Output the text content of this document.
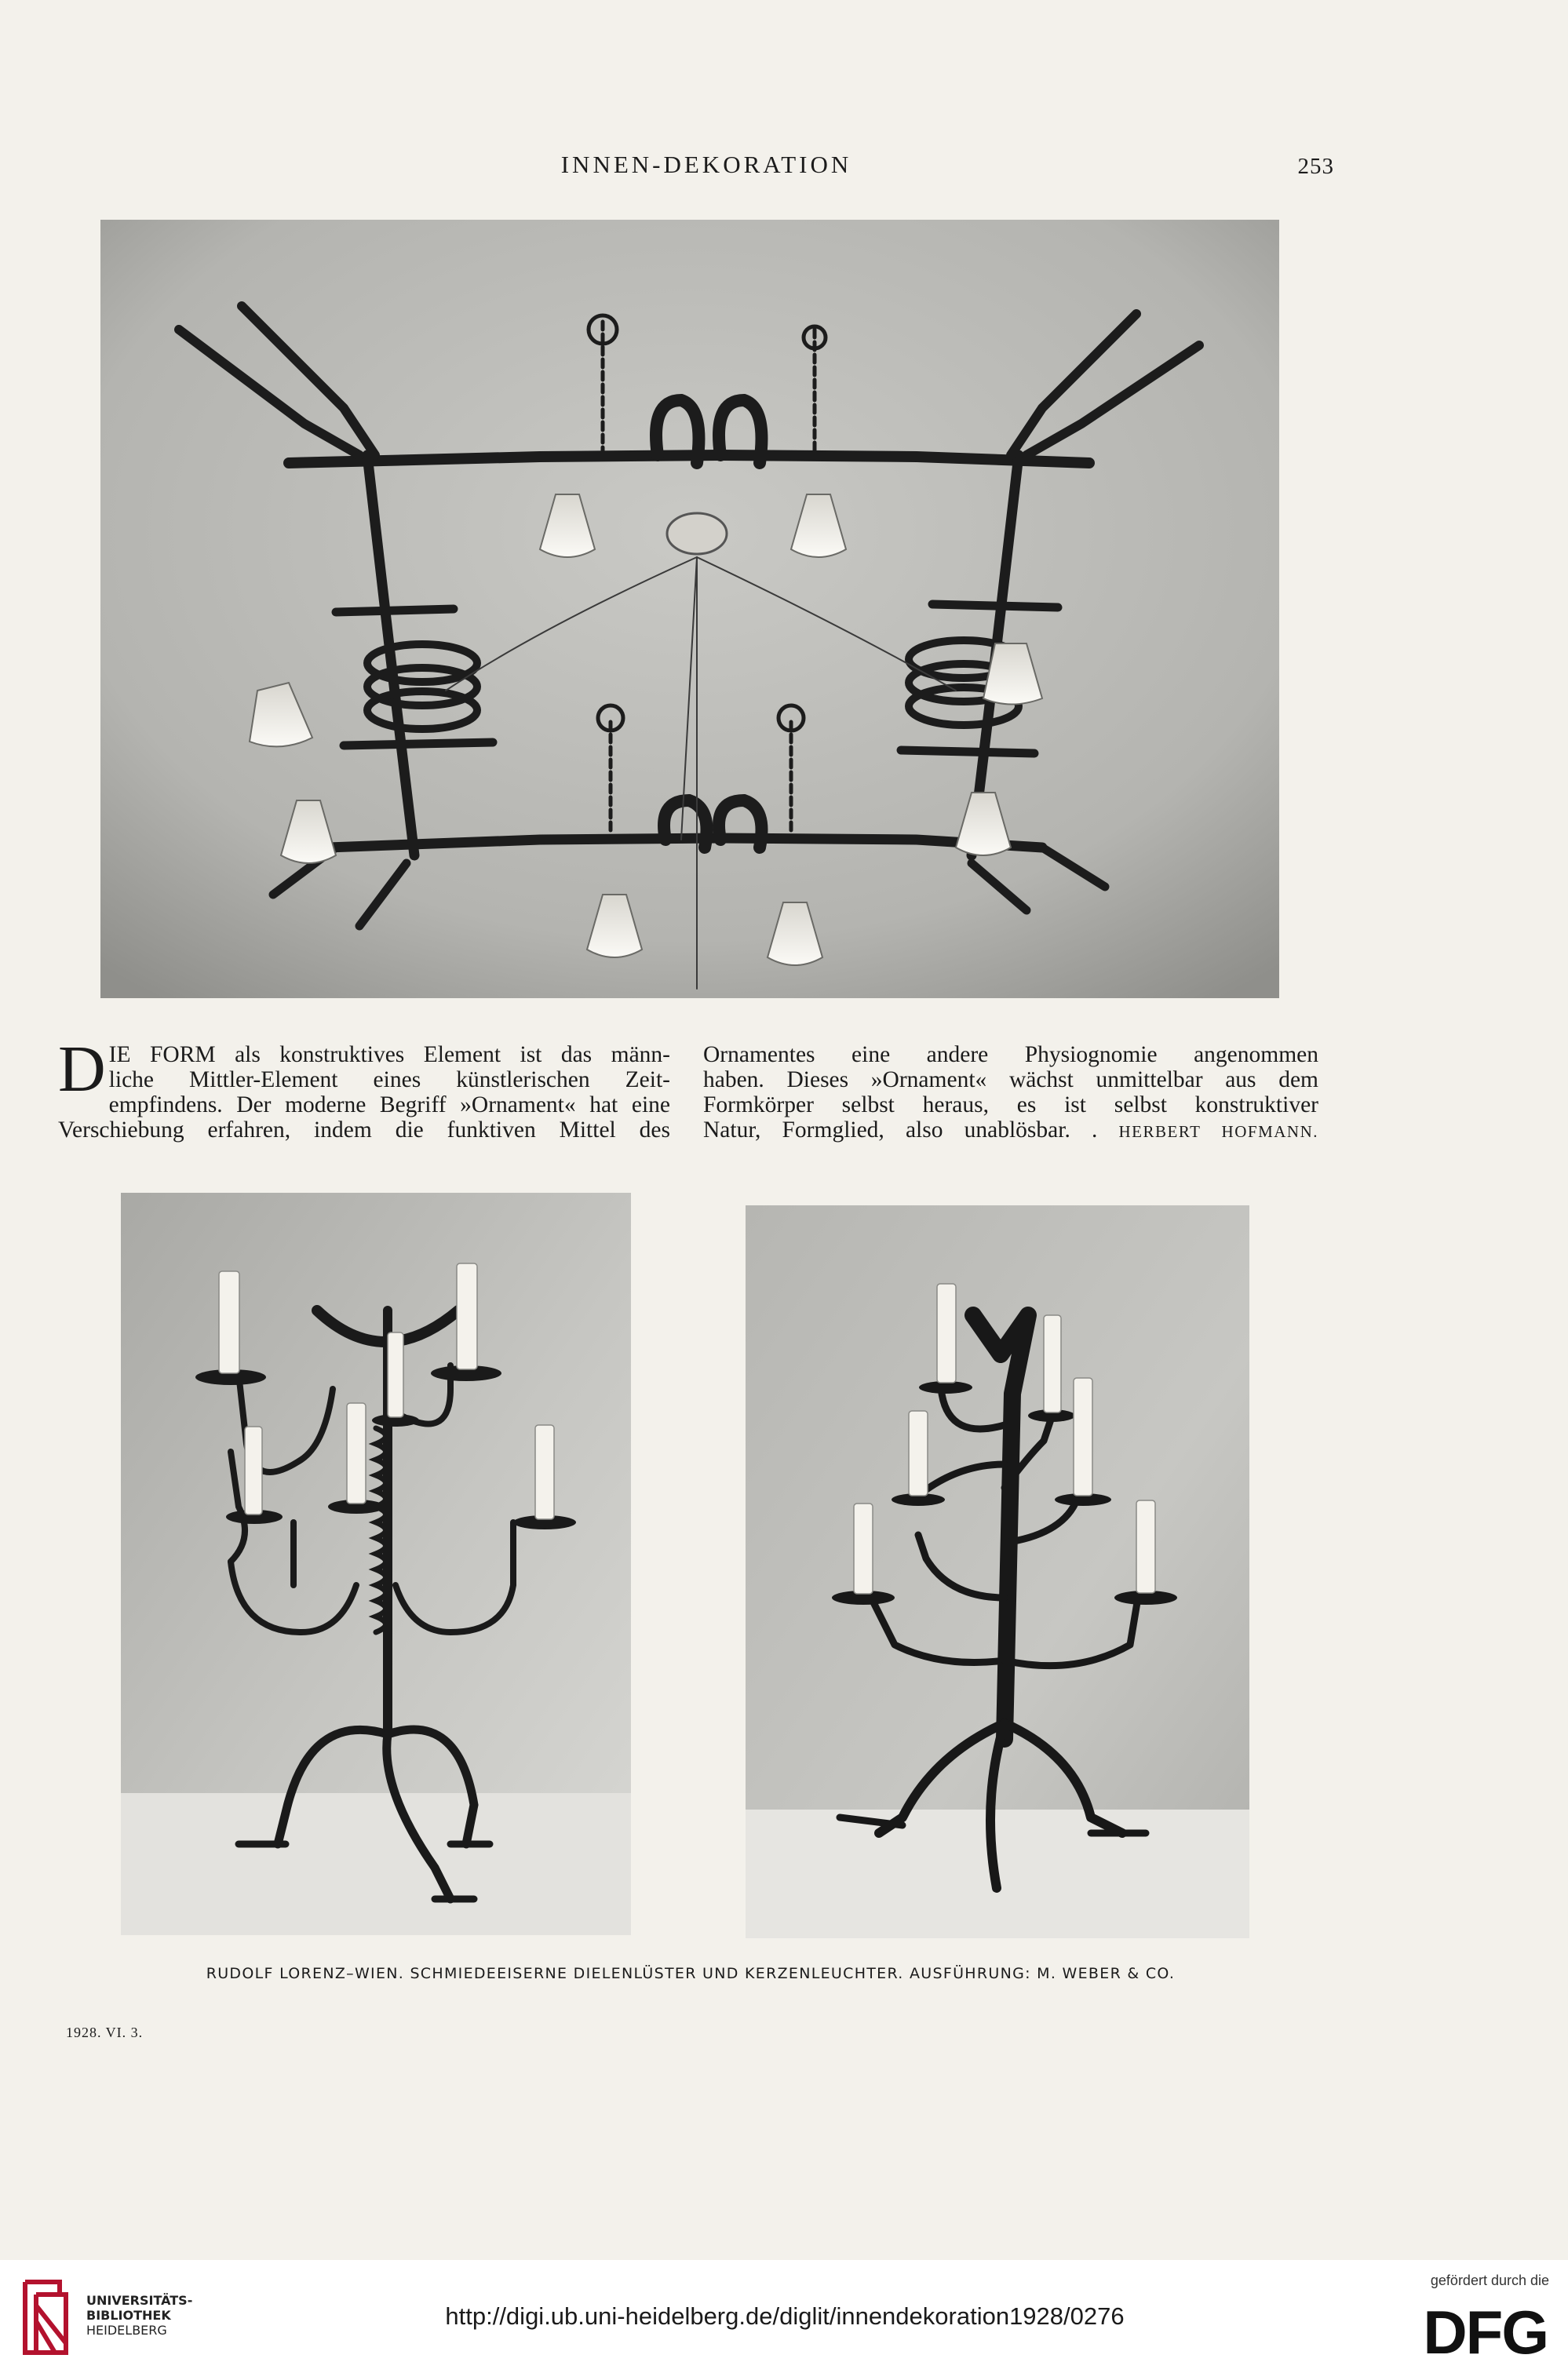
INNEN-DEKORATION	253
D IE FORM als konstruktives Element ist das männ-
liche Mittler-Element eines künstlerischen Zeit-
empfindens. Der moderne Begriff »Ornament« hat eine
Verschiebung erfahren, indem die funktiven Mittel des
Ornamentes eine andere Physiognomie angenommen
haben. Dieses »Ornament« wächst unmittelbar aus dem
Formkörper selbst heraus, es ist selbst konstruktiver
Natur, Formglied, also unablösbar. . HERBERT HOFMANN.
RUDOLF LORENZ–WIEN. SCHMIEDEEISERNE DIELENLÜSTER UND KERZENLEUCHTER. AUSFÜHRUNG: M. WEBER & CO.
1928. VI. 3.
UNIVERSITÄTS-
BIBLIOTHEK
HEIDELBERG
http://digi.ub.uni-heidelberg.de/diglit/innendekoration1928/0276
gefördert durch die
DFG
